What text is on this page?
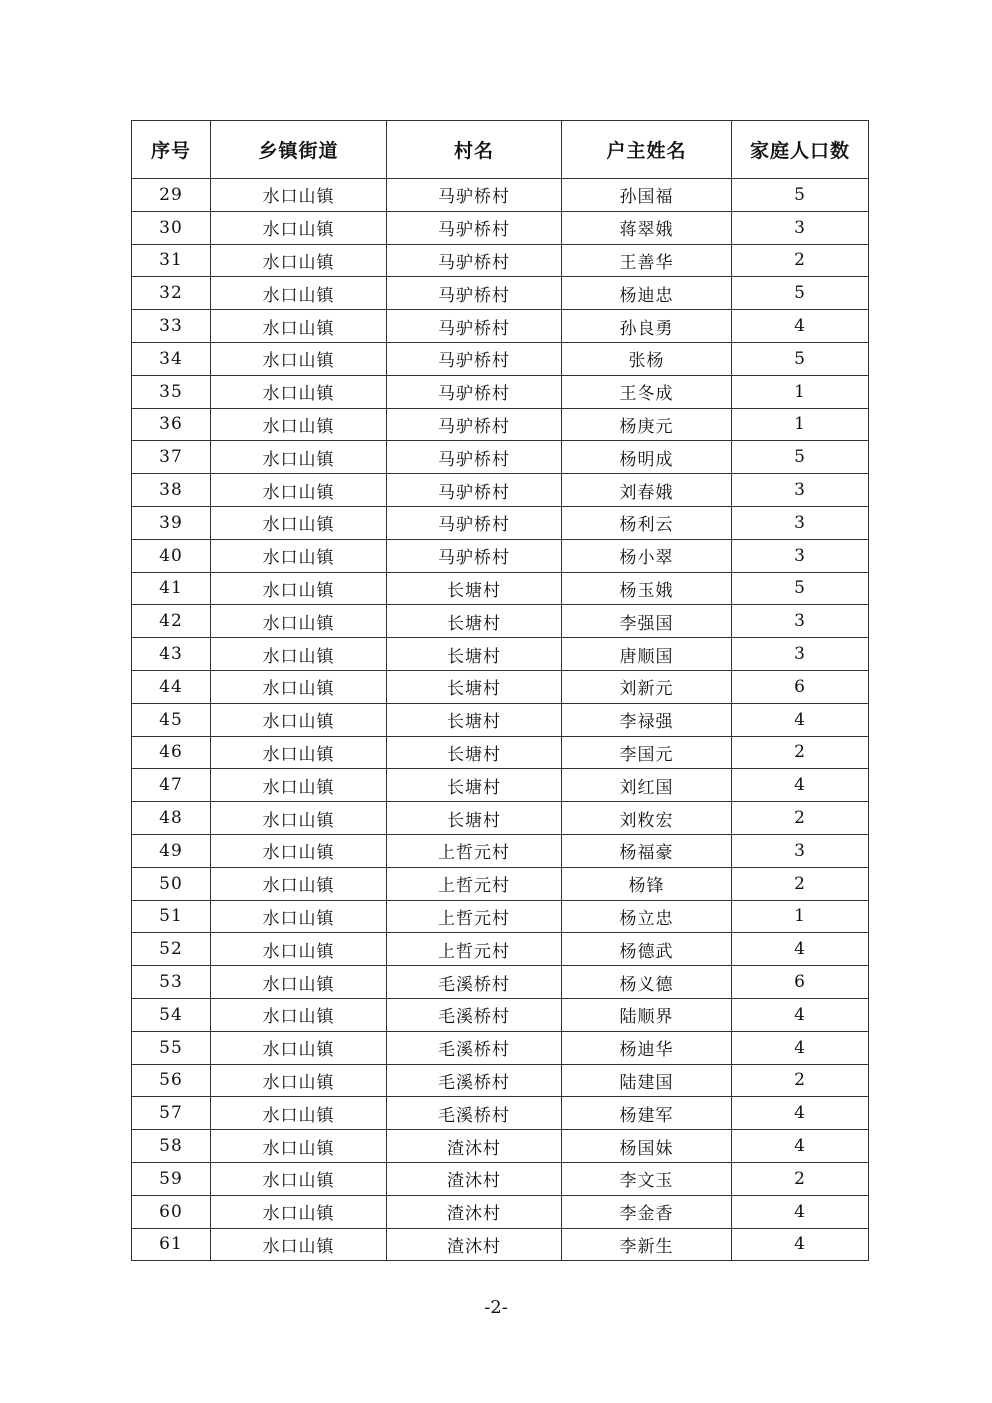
序号	乡镇街道	村名	户主姓名	家庭人口数
29	水口山镇	马驴桥村	孙国福	5
30	水口山镇	马驴桥村	蒋翠娥	3
31	水口山镇	马驴桥村	王善华	2
32	水口山镇	马驴桥村	杨迪忠	5
33	水口山镇	马驴桥村	孙良勇	4
34	水口山镇	马驴桥村	张杨	5
35	水口山镇	马驴桥村	王冬成	1
36	水口山镇	马驴桥村	杨庚元	1
37	水口山镇	马驴桥村	杨明成	5
38	水口山镇	马驴桥村	刘春娥	3
39	水口山镇	马驴桥村	杨利云	3
40	水口山镇	马驴桥村	杨小翠	3
41	水口山镇	长塘村	杨玉娥	5
42	水口山镇	长塘村	李强国	3
43	水口山镇	长塘村	唐顺国	3
44	水口山镇	长塘村	刘新元	6
45	水口山镇	长塘村	李禄强	4
46	水口山镇	长塘村	李国元	2
47	水口山镇	长塘村	刘红国	4
48	水口山镇	长塘村	刘敉宏	2
49	水口山镇	上哲元村	杨福豪	3
50	水口山镇	上哲元村	杨锋	2
51	水口山镇	上哲元村	杨立忠	1
52	水口山镇	上哲元村	杨德武	4
53	水口山镇	毛溪桥村	杨义德	6
54	水口山镇	毛溪桥村	陆顺界	4
55	水口山镇	毛溪桥村	杨迪华	4
56	水口山镇	毛溪桥村	陆建国	2
57	水口山镇	毛溪桥村	杨建军	4
58	水口山镇	渣沐村	杨国妹	4
59	水口山镇	渣沐村	李文玉	2
60	水口山镇	渣沐村	李金香	4
61	水口山镇	渣沐村	李新生	4
-2-
